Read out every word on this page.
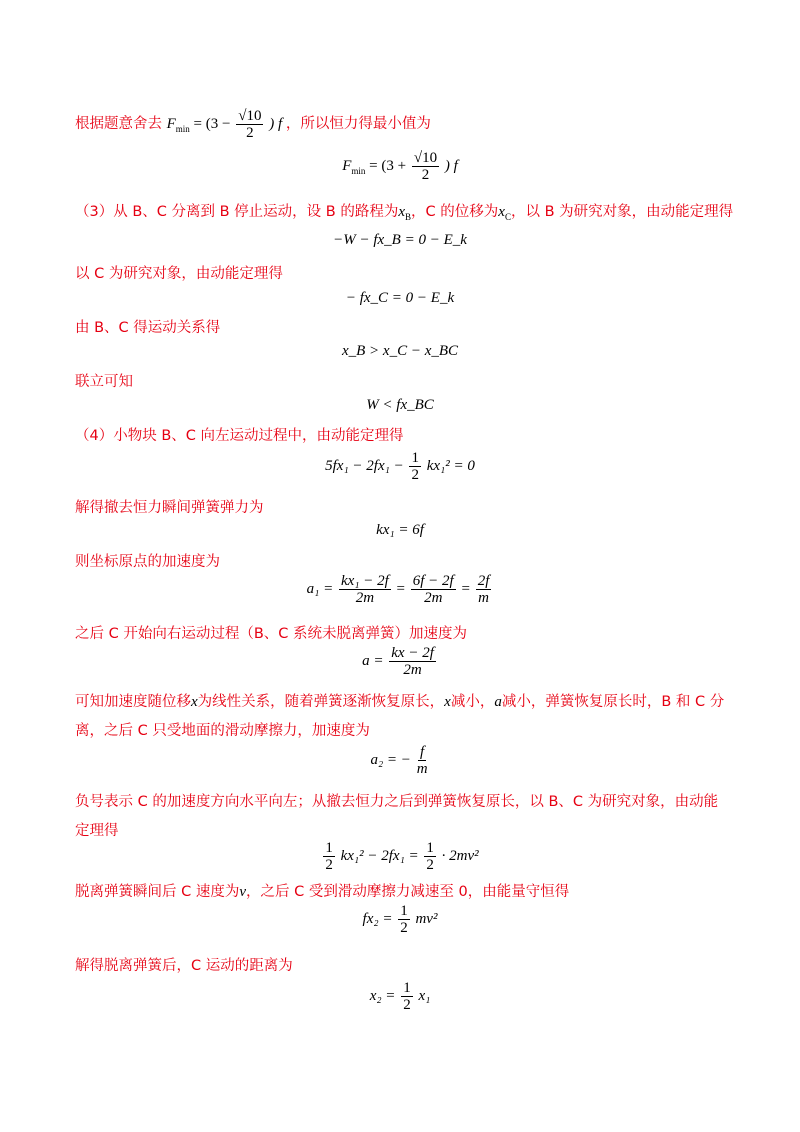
根据题意舍去 $F_{min} = (3 - \frac{√10}{2}$ ) f ，所以恒力得最小值为
$F_{min} = (3 + \frac{√10}{2}$ ) f
（3）从 B、C 分离到 B 停止运动，设 B 的路程为$x_B$，C 的位移为$x_C$，以 B 为研究对象，由动能定理得
−W − fx_B = 0 − E_k
以 C 为研究对象，由动能定理得
− fx_C = 0 − E_k
由 B、C 得运动关系得
x_B > x_C − x_BC
联立可知
W < fx_BC
（4）小物块 B、C 向左运动过程中，由动能定理得
$5fx_1 - 2fx_1 - \frac{1}{2} kx_1^2 = 0$
解得撤去恒力瞬间弹簧弹力为
kx₁ = 6f
则坐标原点的加速度为
$a_1 = \frac{\text{kx₁ − 2f}}{2m} = \frac{6f - 2f}{2m} = \frac{2f}{m}$
之后 C 开始向右运动过程（B、C 系统未脱离弹簧）加速度为
$a = \frac{kx - 2f}{2m}$
可知加速度随位移x为线性关系，随着弹簧逐渐恢复原长，x减小，a减小，弹簧恢复原长时，B 和 C 分离，之后 C 只受地面的滑动摩擦力，加速度为
a₂ = − $\frac{f}{m}$
负号表示 C 的加速度方向水平向左；从撤去恒力之后到弹簧恢复原长，以 B、C 为研究对象，由动能定理得
$\frac{1}{2} kx_1^2 - 2fx_1 = \frac{1}{2} \cdot 2mv^2$
脱离弹簧瞬间后 C 速度为v，之后 C 受到滑动摩擦力减速至 0，由能量守恒得
$fx_2 = \frac{1}{2} mv^2$
解得脱离弹簧后，C 运动的距离为
$x_2 = \frac{1}{2} x_1$
